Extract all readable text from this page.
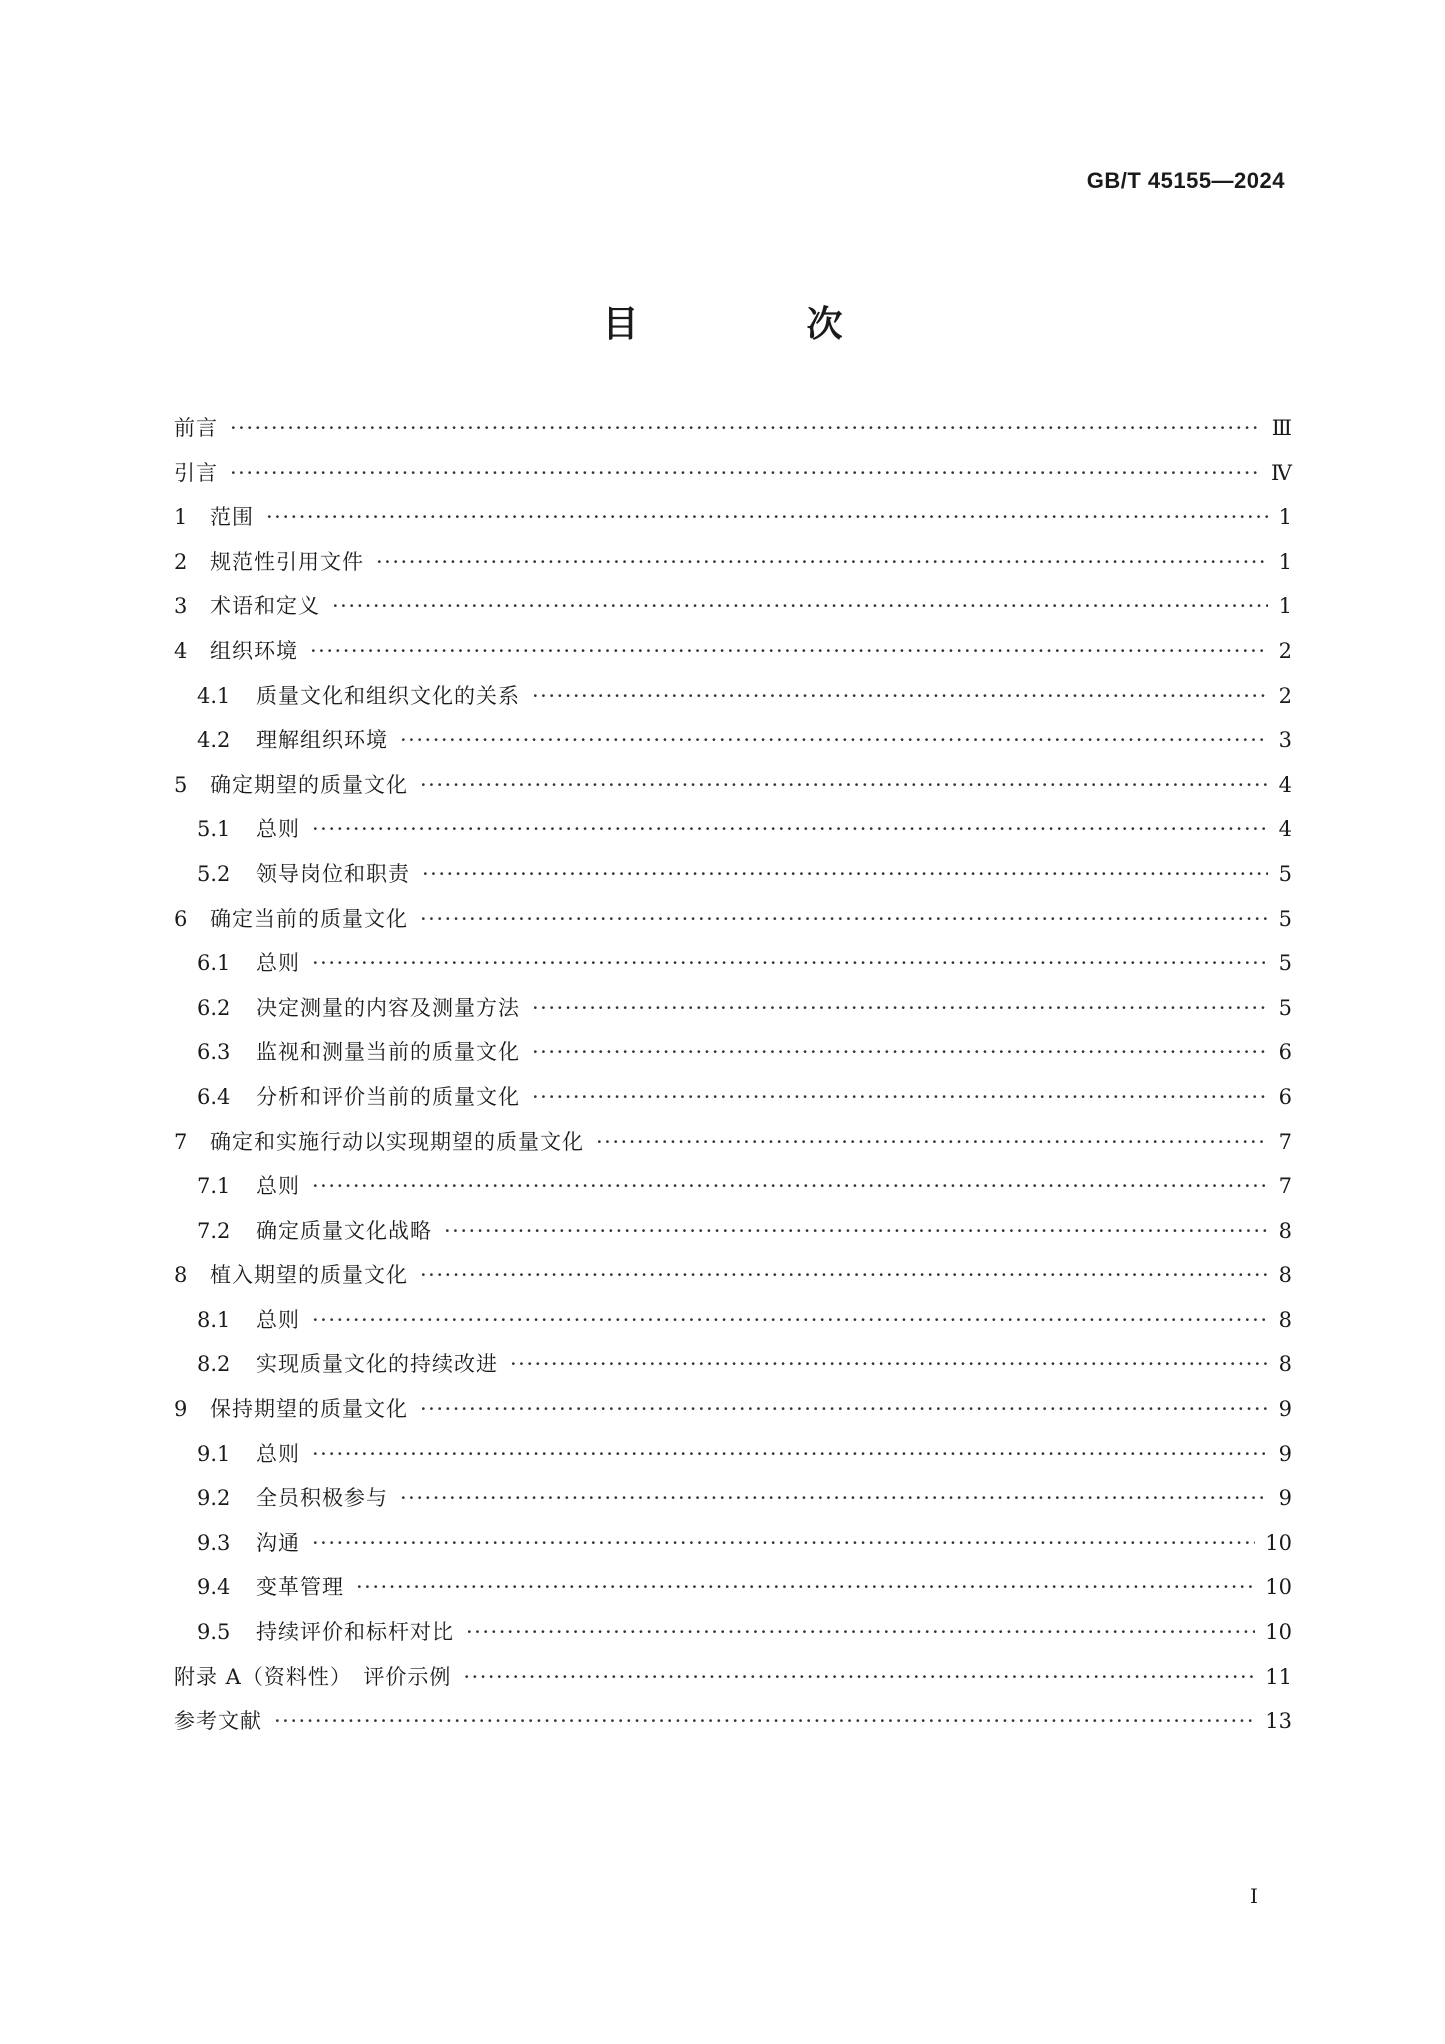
GB/T 45155—2024
目　次
前言 ·····	Ⅲ
引言 ·····	Ⅳ
1	范围 ·····	1
2	规范性引用文件 ·····	1
3	术语和定义 ·····	1
4	组织环境 ·····	2
4.1	质量文化和组织文化的关系 ·····	2
4.2	理解组织环境 ·····	3
5	确定期望的质量文化 ·····	4
5.1	总则 ·····	4
5.2	领导岗位和职责 ·····	5
6	确定当前的质量文化 ·····	5
6.1	总则 ·····	5
6.2	决定测量的内容及测量方法 ·····	5
6.3	监视和测量当前的质量文化 ·····	6
6.4	分析和评价当前的质量文化 ·····	6
7	确定和实施行动以实现期望的质量文化 ·····	7
7.1	总则 ·····	7
7.2	确定质量文化战略 ·····	8
8	植入期望的质量文化 ·····	8
8.1	总则 ·····	8
8.2	实现质量文化的持续改进 ·····	8
9	保持期望的质量文化 ·····	9
9.1	总则 ·····	9
9.2	全员积极参与 ·····	9
9.3	沟通 ·····	10
9.4	变革管理 ·····	10
9.5	持续评价和标杆对比 ·····	10
附录 A（资料性）　评价示例 ·····	11
参考文献 ·····	13
Ⅰ
